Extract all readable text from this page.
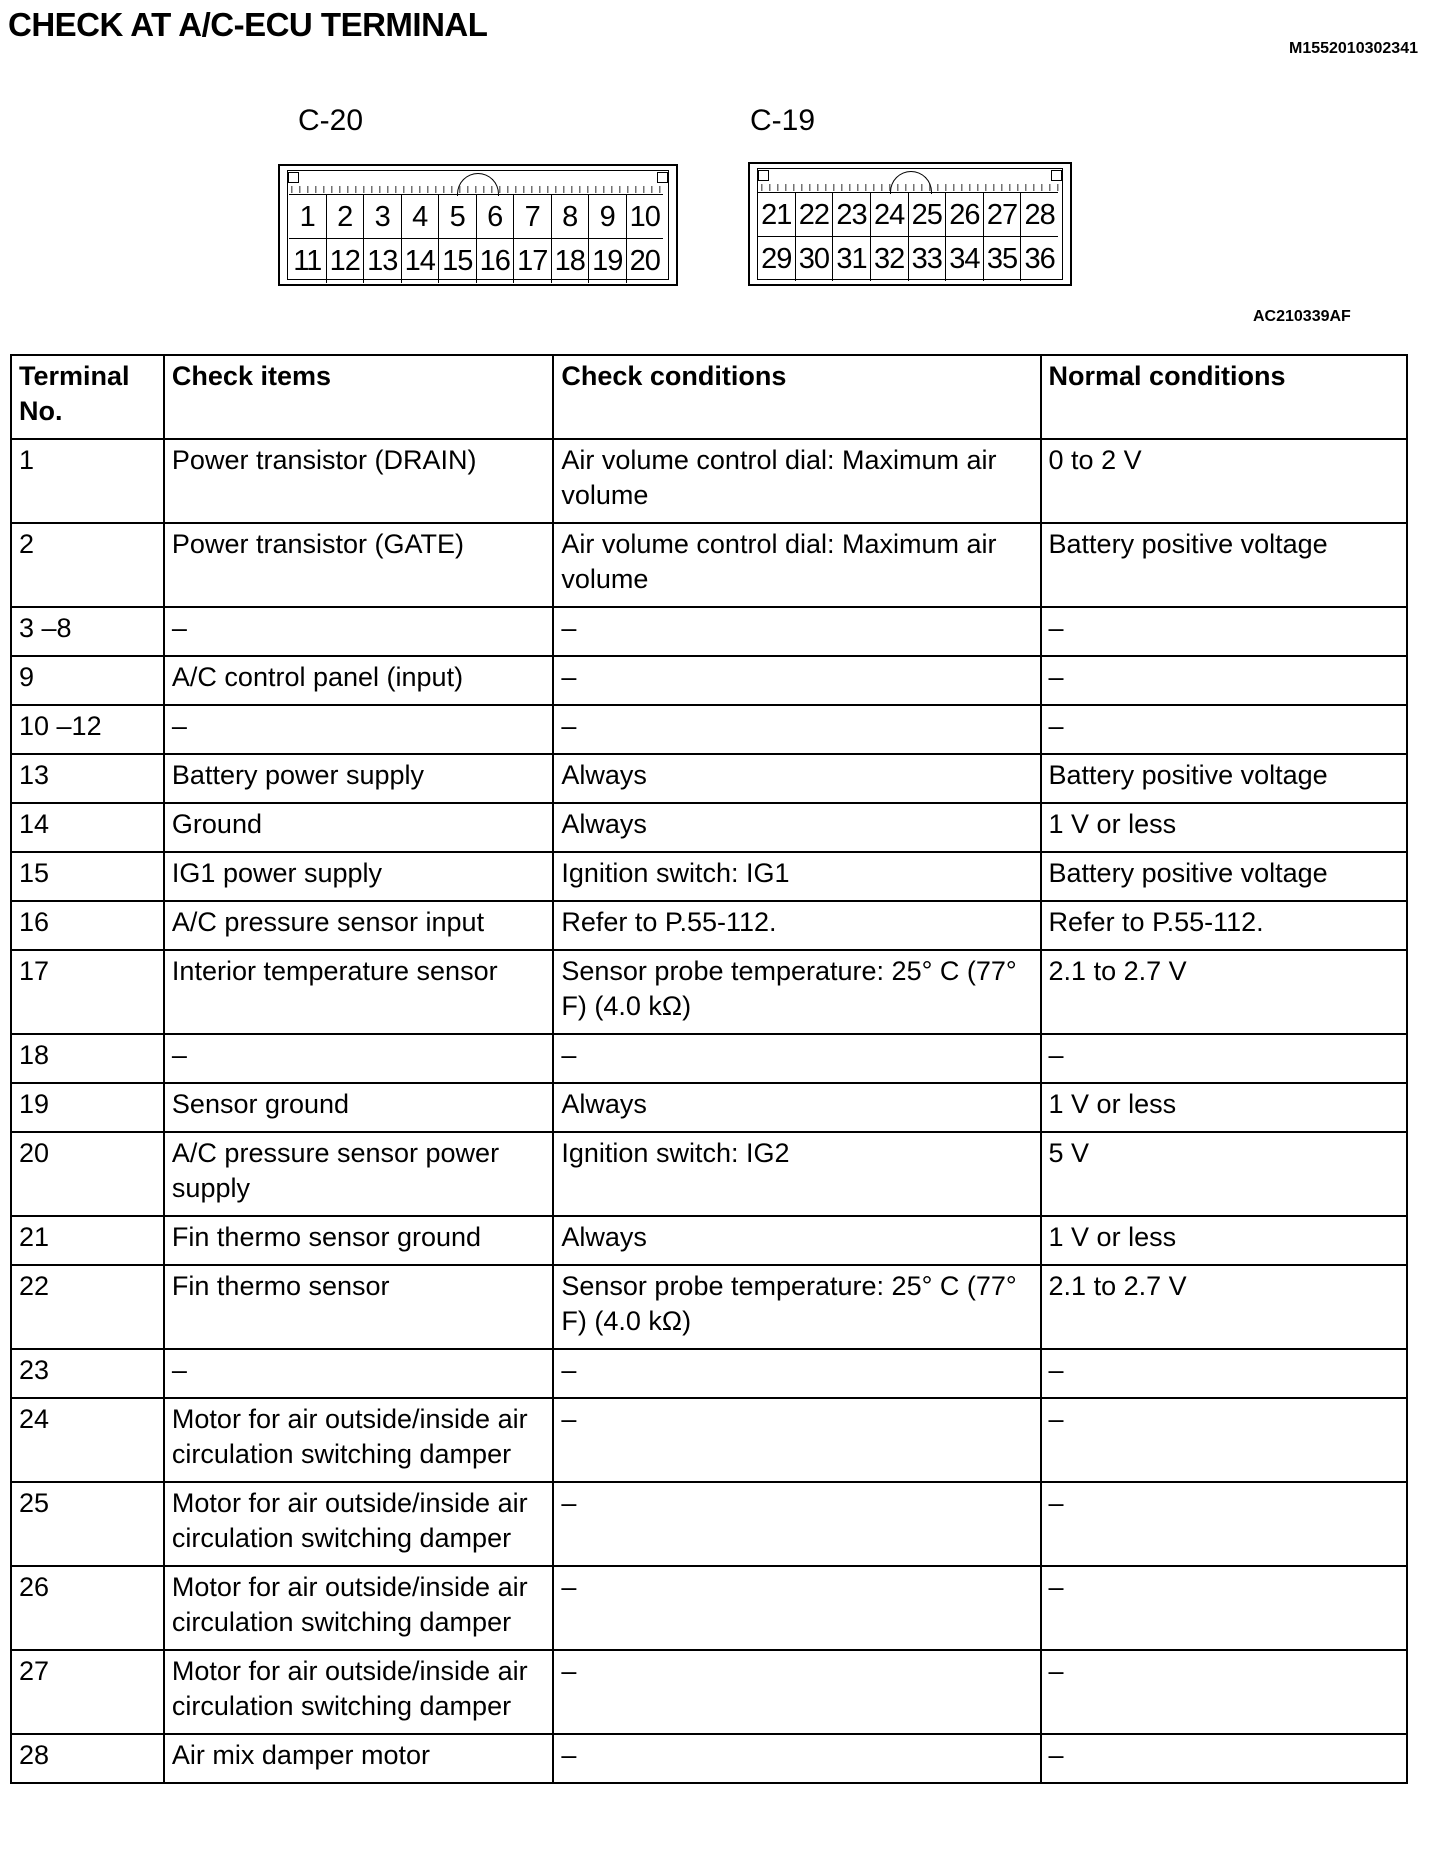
CHECK AT A/C-ECU TERMINAL
M1552010302341
C-20
1 2 3 4 5 6 7 8 9 10
11 12 13 14 15 16 17 18 19 20
C-19
21 22 23 24 25 26 27 28
29 30 31 32 33 34 35 36
AC210339AF
Terminal No.	Check items	Check conditions	Normal conditions
1	Power transistor (DRAIN)	Air volume control dial: Maximum air volume	0 to 2 V
2	Power transistor (GATE)	Air volume control dial: Maximum air volume	Battery positive voltage
3 –8	–	–	–
9	A/C control panel (input)	–	–
10 –12	–	–	–
13	Battery power supply	Always	Battery positive voltage
14	Ground	Always	1 V or less
15	IG1 power supply	Ignition switch: IG1	Battery positive voltage
16	A/C pressure sensor input	Refer to P.55-112.	Refer to P.55-112.
17	Interior temperature sensor	Sensor probe temperature: 25° C (77° F) (4.0 kΩ)	2.1 to 2.7 V
18	–	–	–
19	Sensor ground	Always	1 V or less
20	A/C pressure sensor power supply	Ignition switch: IG2	5 V
21	Fin thermo sensor ground	Always	1 V or less
22	Fin thermo sensor	Sensor probe temperature: 25° C (77° F) (4.0 kΩ)	2.1 to 2.7 V
23	–	–	–
24	Motor for air outside/inside air circulation switching damper	–	–
25	Motor for air outside/inside air circulation switching damper	–	–
26	Motor for air outside/inside air circulation switching damper	–	–
27	Motor for air outside/inside air circulation switching damper	–	–
28	Air mix damper motor	–	–
